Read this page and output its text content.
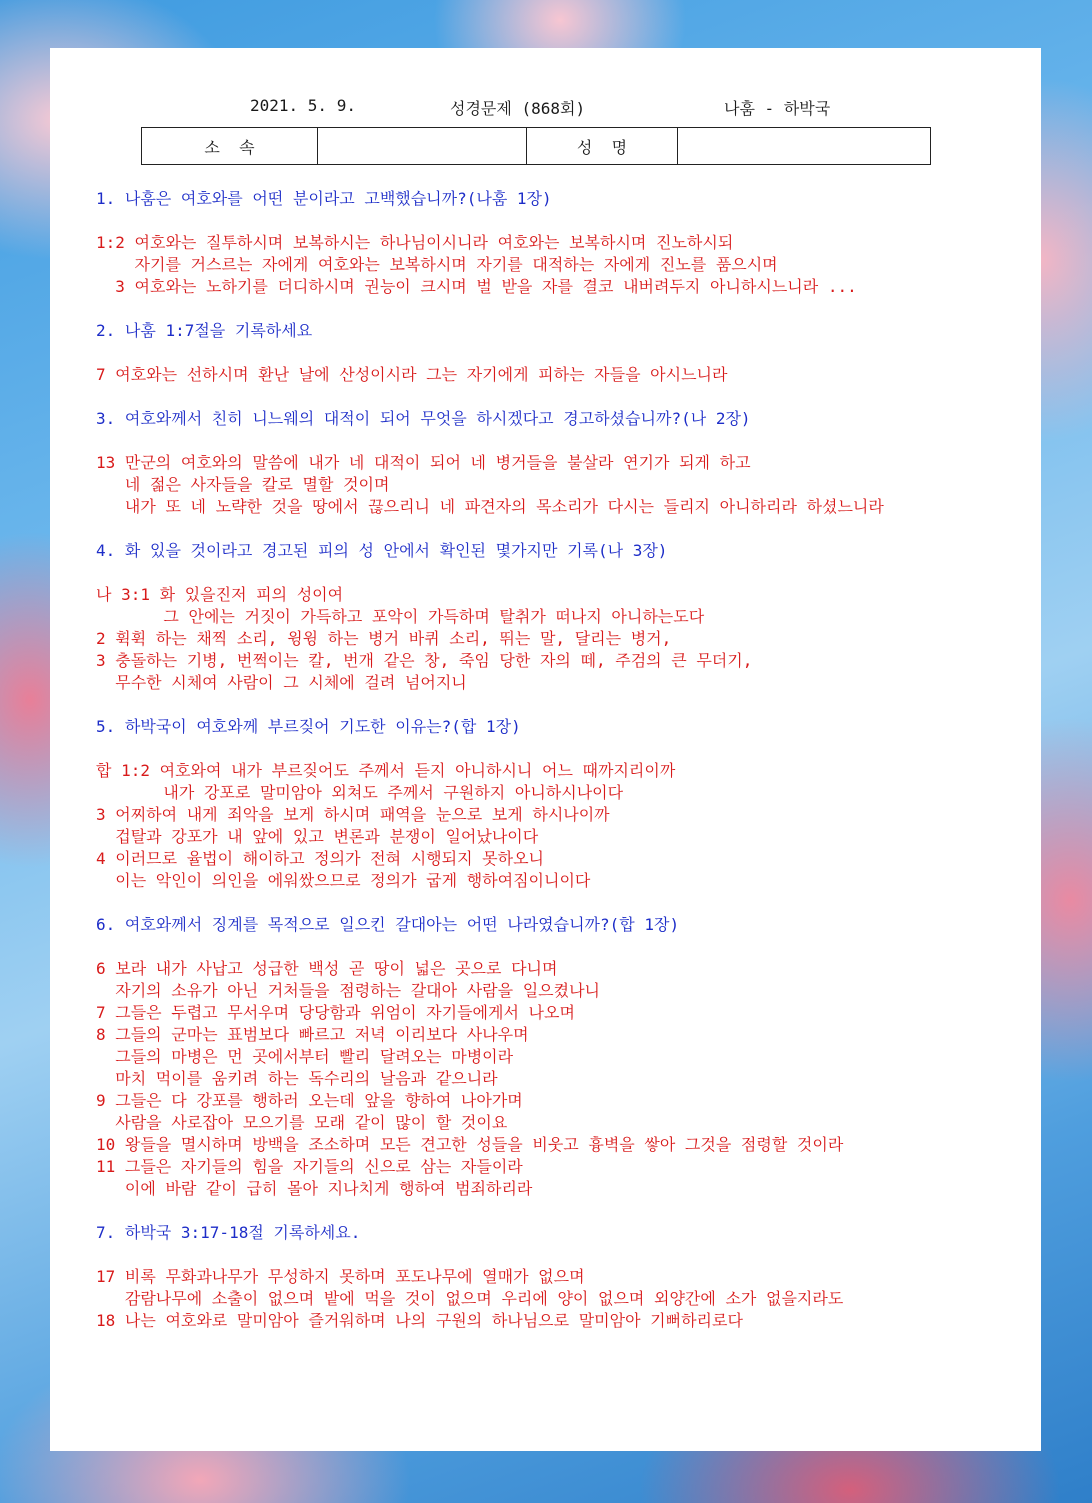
2021. 5. 9.	성경문제 (868회)	나훔 - 하박국
소  속		성  명	
1. 나훔은 여호와를 어떤 분이라고 고백했습니까?(나훔 1장)
1:2 여호와는 질투하시며 보복하시는 하나님이시니라 여호와는 보복하시며 진노하시되
자기를 거스르는 자에게 여호와는 보복하시며 자기를 대적하는 자에게 진노를 품으시며
3 여호와는 노하기를 더디하시며 권능이 크시며 벌 받을 자를 결코 내버려두지 아니하시느니라 ...
2. 나훔 1:7절을 기록하세요
7 여호와는 선하시며 환난 날에 산성이시라 그는 자기에게 피하는 자들을 아시느니라
3. 여호와께서 친히 니느웨의 대적이 되어 무엇을 하시겠다고 경고하셨습니까?(나 2장)
13 만군의 여호와의 말씀에 내가 네 대적이 되어 네 병거들을 불살라 연기가 되게 하고
네 젊은 사자들을 칼로 멸할 것이며
내가 또 네 노략한 것을 땅에서 끊으리니 네 파견자의 목소리가 다시는 들리지 아니하리라 하셨느니라
4. 화 있을 것이라고 경고된 피의 성 안에서 확인된 몇가지만 기록(나 3장)
나 3:1 화 있을진저 피의 성이여
그 안에는 거짓이 가득하고 포악이 가득하며 탈취가 떠나지 아니하는도다
2 휙휙 하는 채찍 소리, 윙윙 하는 병거 바퀴 소리, 뛰는 말, 달리는 병거,
3 충돌하는 기병, 번쩍이는 칼, 번개 같은 창, 죽임 당한 자의 떼, 주검의 큰 무더기,
무수한 시체여 사람이 그 시체에 걸려 넘어지니
5. 하박국이 여호와께 부르짖어 기도한 이유는?(합 1장)
합 1:2 여호와여 내가 부르짖어도 주께서 듣지 아니하시니 어느 때까지리이까
내가 강포로 말미암아 외쳐도 주께서 구원하지 아니하시나이다
3 어찌하여 내게 죄악을 보게 하시며 패역을 눈으로 보게 하시나이까
겁탈과 강포가 내 앞에 있고 변론과 분쟁이 일어났나이다
4 이러므로 율법이 해이하고 정의가 전혀 시행되지 못하오니
이는 악인이 의인을 에워쌌으므로 정의가 굽게 행하여짐이니이다
6. 여호와께서 징계를 목적으로 일으킨 갈대아는 어떤 나라였습니까?(합 1장)
6 보라 내가 사납고 성급한 백성 곧 땅이 넓은 곳으로 다니며
자기의 소유가 아닌 거처들을 점령하는 갈대아 사람을 일으켰나니
7 그들은 두렵고 무서우며 당당함과 위엄이 자기들에게서 나오며
8 그들의 군마는 표범보다 빠르고 저녁 이리보다 사나우며
그들의 마병은 먼 곳에서부터 빨리 달려오는 마병이라
마치 먹이를 움키려 하는 독수리의 날음과 같으니라
9 그들은 다 강포를 행하러 오는데 앞을 향하여 나아가며
사람을 사로잡아 모으기를 모래 같이 많이 할 것이요
10 왕들을 멸시하며 방백을 조소하며 모든 견고한 성들을 비웃고 흉벽을 쌓아 그것을 점령할 것이라
11 그들은 자기들의 힘을 자기들의 신으로 삼는 자들이라
이에 바람 같이 급히 몰아 지나치게 행하여 범죄하리라
7. 하박국 3:17-18절 기록하세요.
17 비록 무화과나무가 무성하지 못하며 포도나무에 열매가 없으며
감람나무에 소출이 없으며 밭에 먹을 것이 없으며 우리에 양이 없으며 외양간에 소가 없을지라도
18 나는 여호와로 말미암아 즐거워하며 나의 구원의 하나님으로 말미암아 기뻐하리로다
